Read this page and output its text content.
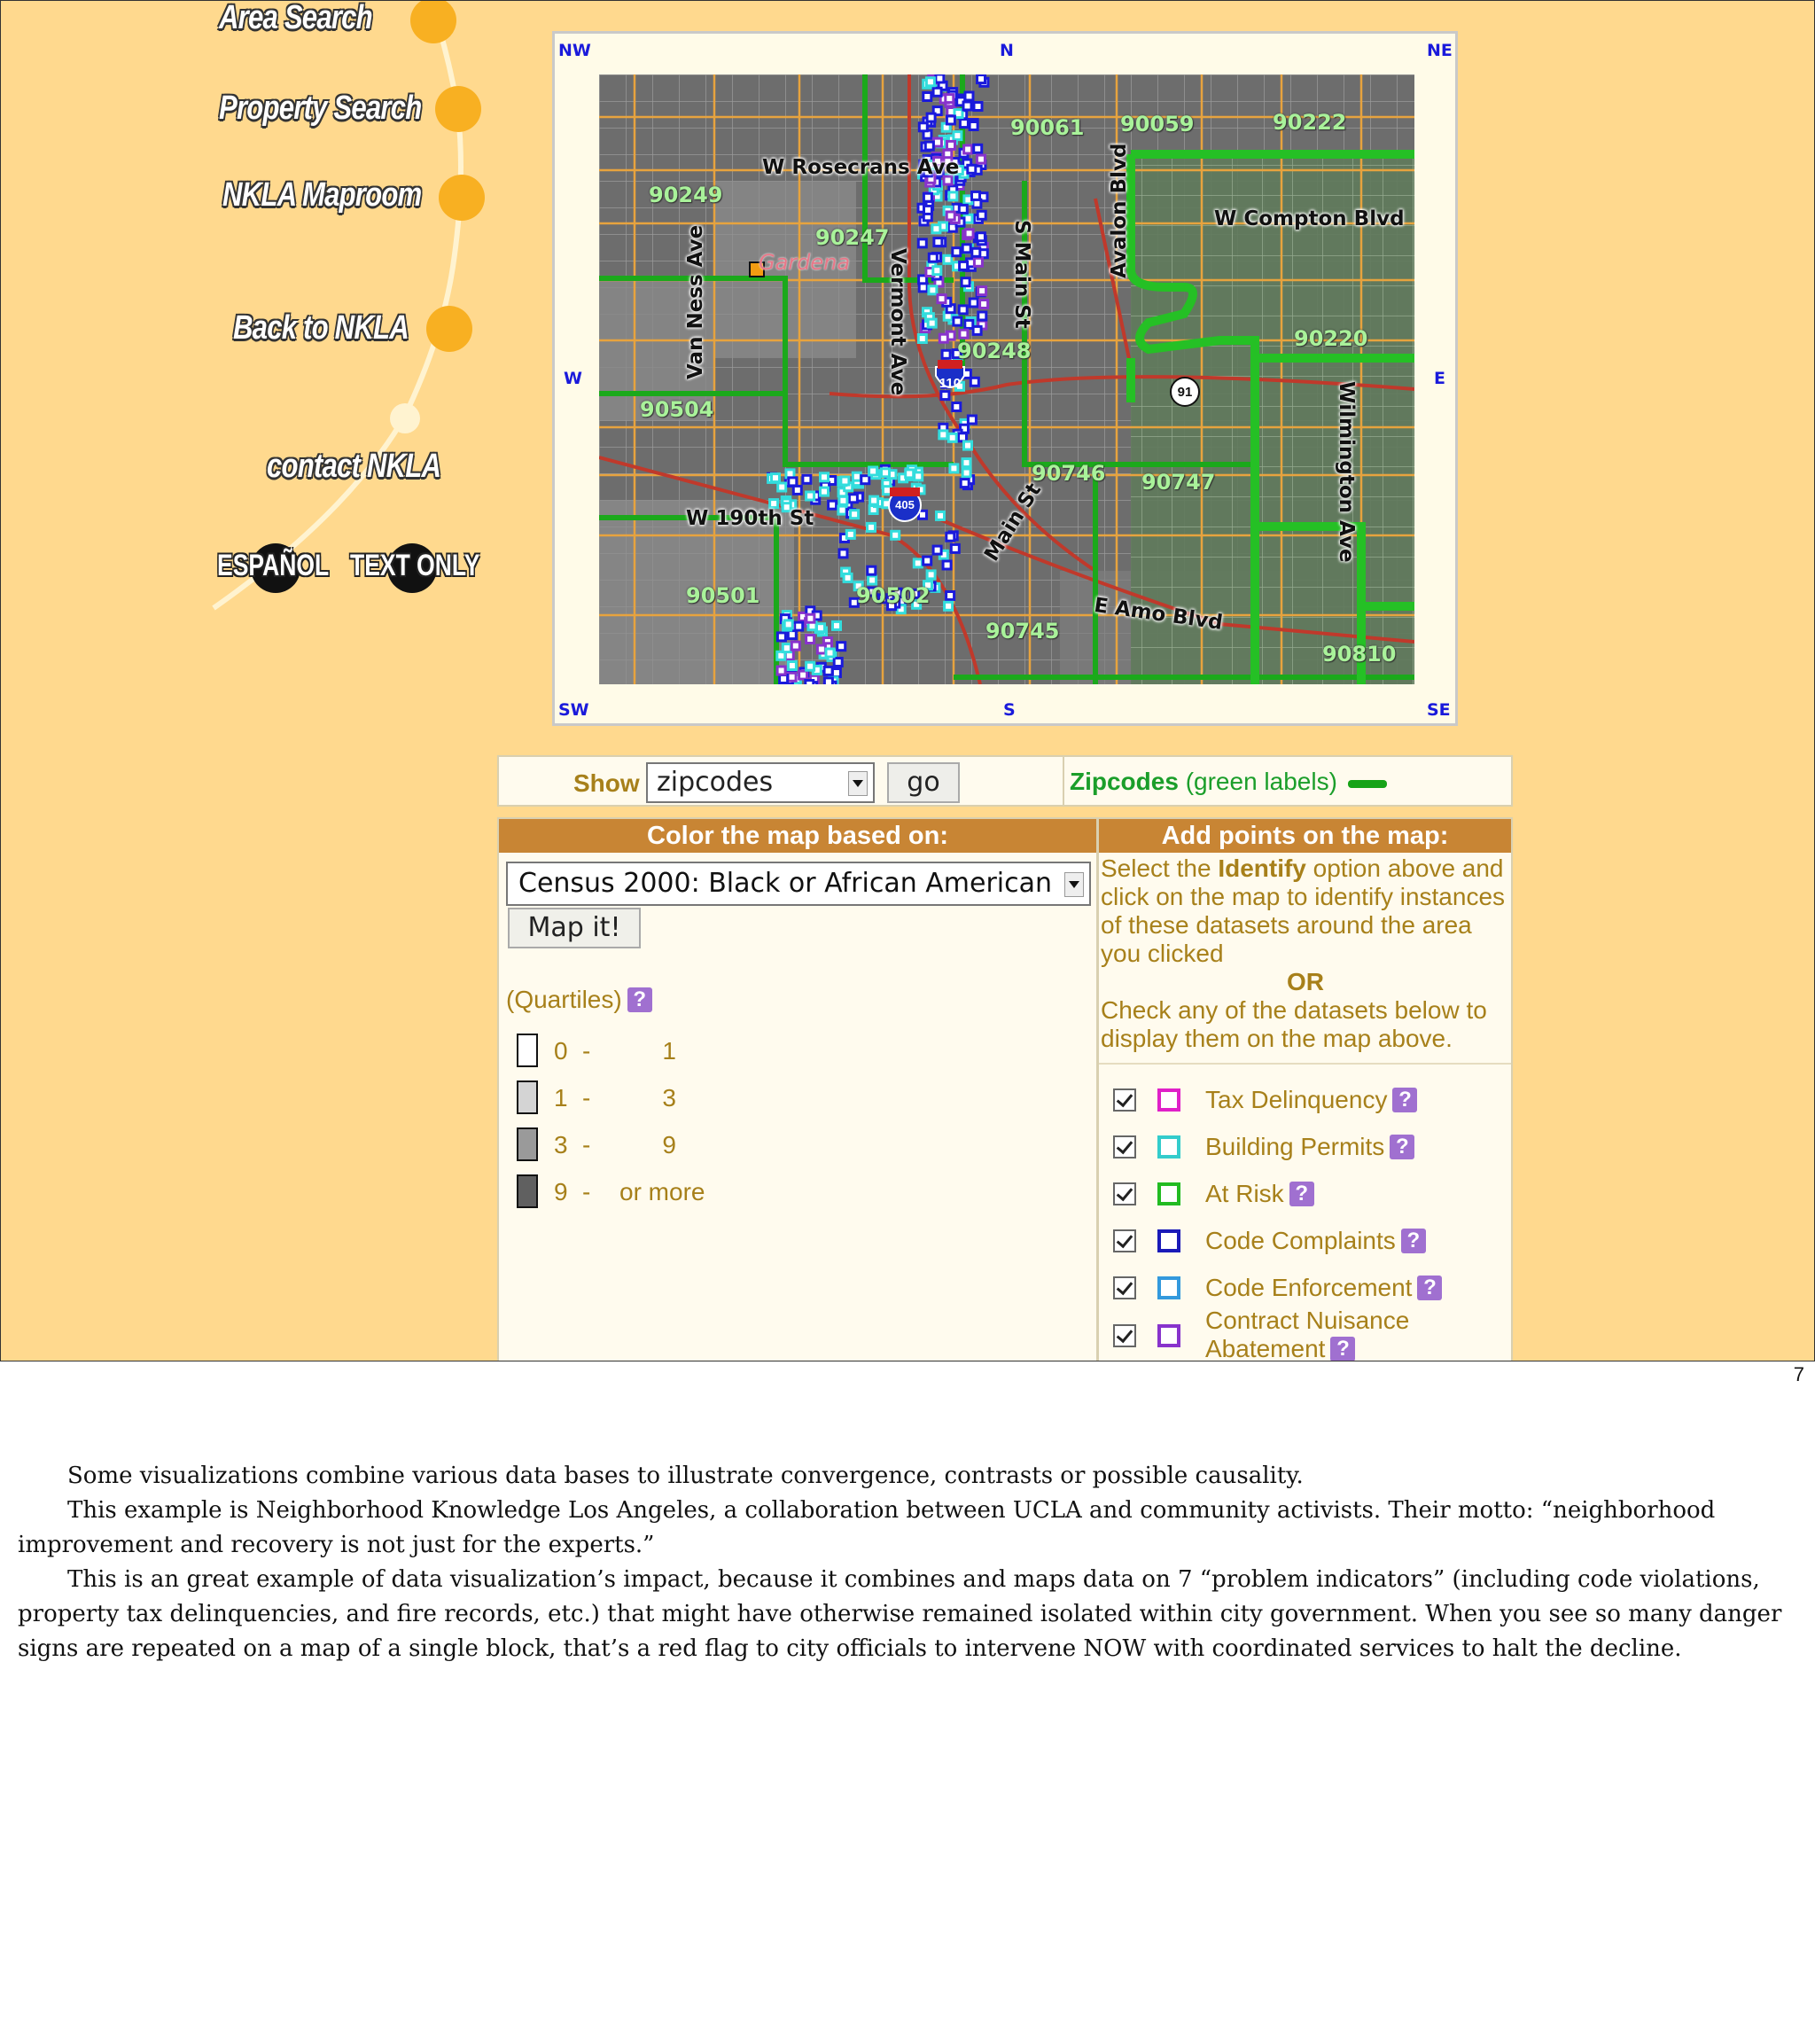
Area Search
Property Search
NKLA Maproom
Back to NKLA
contact NKLA
ESPAÑOL TEXT ONLY
NW	N	NE
W	E
SW	S	SE
90061 90059	90222
90249
90247
90248	90220
90504
90746 90747
90501	90502
90745
90810
W Rosecrans Ave
W Compton Blvd
Van Ness Ave	Vermont Ave	S Main St	Avalon Blvd
Wilmington Ave
W 190th St	Main St
E Amo Blvd
Gardena
110
405
91
Show zipcodes	go	Zipcodes (green labels)
Color the map based on:
Census 2000: Black or African American
Map it!
(Quartiles) ?
0 -	1
1 -	3
3 -	9
9 - or more
Add points on the map:
Select the Identify option above and click on the map to identify instances of these datasets around the area you clicked
OR
Check any of the datasets below to display them on the map above.
Tax Delinquency ?
Building Permits ?
At Risk ?
Code Complaints ?
Code Enforcement ?
Contract Nuisance Abatement ?
7

Some visualizations combine various data bases to illustrate convergence, contrasts or possible causality.

This example is Neighborhood Knowledge Los Angeles, a collaboration between UCLA and community activists. Their motto: “neighborhood improvement and recovery is not just for the experts.”

This is an great example of data visualization’s impact, because it combines and maps data on 7 “problem indicators” (including code violations, property tax delinquencies, and fire records, etc.) that might have otherwise remained isolated within city government. When you see so many danger signs are repeated on a map of a single block, that’s a red flag to city officials to intervene NOW with coordinated services to halt the decline.
